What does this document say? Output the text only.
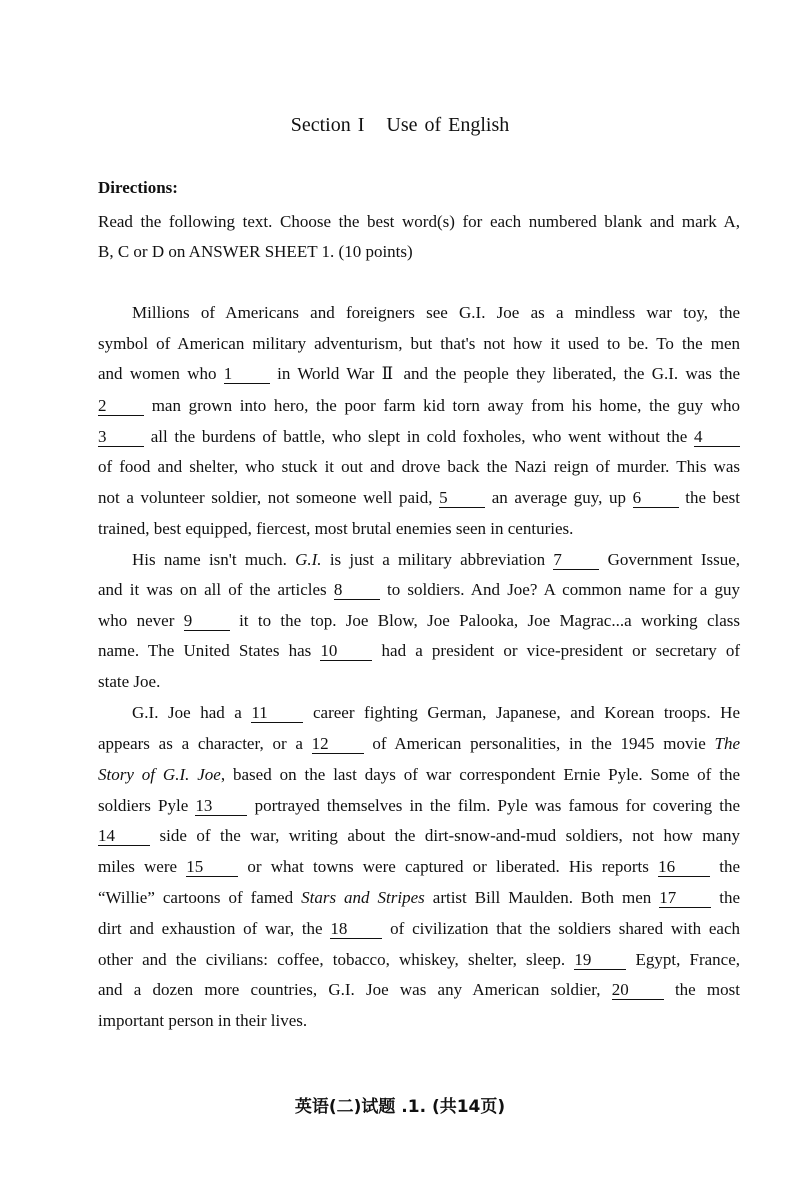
Section I Use of English
Directions:
Read the following text. Choose the best word(s) for each numbered blank and mark A,
B, C or D on ANSWER SHEET 1. (10 points)
Millions of Americans and foreigners see G.I. Joe as a mindless war toy, the
symbol of American military adventurism, but that's not how it used to be. To the men
and women who 1	in World War Ⅱ and the people they liberated, the G.I. was the
2	man grown into hero, the poor farm kid torn away from his home, the guy who
3	all the burdens of battle, who slept in cold foxholes, who went without the 4
of food and shelter, who stuck it out and drove back the Nazi reign of murder. This was
not a volunteer soldier, not someone well paid, 5	an average guy, up 6	the best
trained, best equipped, fiercest, most brutal enemies seen in centuries.
His name isn't much. G.I. is just a military abbreviation 7	Government Issue,
and it was on all of the articles 8	to soldiers. And Joe? A common name for a guy
who never 9	it to the top. Joe Blow, Joe Palooka, Joe Magrac...a working class
name. The United States has 10	had a president or vice-president or secretary of
state Joe.
G.I. Joe had a 11	career fighting German, Japanese, and Korean troops. He
appears as a character, or a 12	of American personalities, in the 1945 movie The
Story of G.I. Joe, based on the last days of war correspondent Ernie Pyle. Some of the
soldiers Pyle 13 portrayed themselves in the film. Pyle was famous for covering the
14	side of the war, writing about the dirt-snow-and-mud soldiers, not how many
miles were 15	or what towns were captured or liberated. His reports 16	the
“Willie” cartoons of famed Stars and Stripes artist Bill Maulden. Both men 17	the
dirt and exhaustion of war, the 18	of civilization that the soldiers shared with each
other and the civilians: coffee, tobacco, whiskey, shelter, sleep. 19	Egypt, France,
and a dozen more countries, G.I. Joe was any American soldier, 20	the most
important person in their lives.
英语(二)试题 .1. (共14页)
